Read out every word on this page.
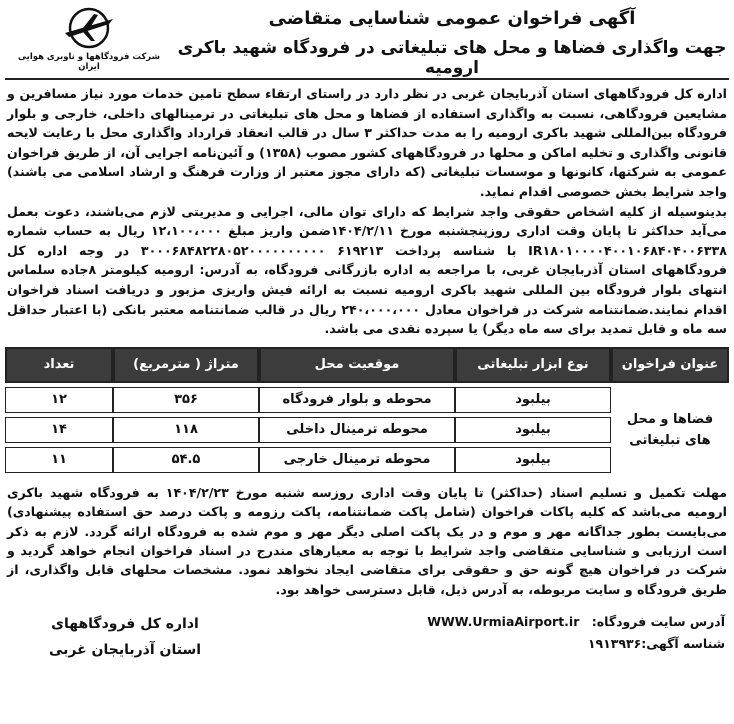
آگهی فراخوان عمومی شناسایی متقاضی
جهت واگذاری فضاها و محل های تبلیغاتی در فرودگاه شهید باکری ارومیه
شرکت فرودگاهها و ناوبری هوایی ایران
اداره کل فرودگاههای استان آذربایجان غربی در نظر دارد در راستای ارتقاء سطح تامین خدمات مورد نیاز مسافرین و مشایعین فرودگاهی، نسبت به واگذاری استفاده از فضاها و محل های تبلیغاتی در ترمینالهای داخلی، خارجی و بلوار فرودگاه بین‌المللی شهید باکری ارومیه را به مدت حداکثر ۳ سال در قالب انعقاد قرارداد واگذاری محل با رعایت لایحه قانونی واگذاری و تخلیه اماکن و محلها در فرودگاههای کشور مصوب (۱۳۵۸) و آئین‌نامه اجرایی آن، از طریق فراخوان عمومی به شرکتها، کانونها و موسسات تبلیغاتی (که دارای مجوز معتبر از وزارت فرهنگ و ارشاد اسلامی می باشند) واجد شرایط بخش خصوصی اقدام نماید.
بدینوسیله از کلیه اشخاص حقوقی واجد شرایط که دارای توان مالی، اجرایی و مدیریتی لازم می‌باشند، دعوت بعمل می‌آید حداکثر تا پایان وقت اداری روزپنجشنبه مورخ ۱۴۰۴/۲/۱۱ضمن واریز مبلغ ۱۲،۱۰۰،۰۰۰ ریال به حساب شماره IR۱۸۰۱۰۰۰۰۴۰۰۱۰۶۸۴۰۴۰۰۶۳۳۸ با شناسه پرداخت ۶۱۹۲۱۳ ۳۰۰۰۶۸۴۸۲۲۸۰۵۲۰۰۰۰۰۰۰۰۰۰ در وجه اداره کل فرودگاههای استان آذربایجان غربی، با مراجعه به اداره بازرگانی فرودگاه، به آدرس: ارومیه کیلومتر ۸جاده سلماس انتهای بلوار فرودگاه بین المللی شهید باکری ارومیه نسبت به ارائه فیش واریزی مزبور و دریافت اسناد فراخوان اقدام نمایند.ضمانتنامه شرکت در فراخوان معادل ۲۴۰،۰۰۰،۰۰۰ ریال در قالب ضمانتنامه معتبر بانکی (با اعتبار حداقل سه ماه و قابل تمدید برای سه ماه دیگر) یا سپرده نقدی می باشد.
عنوان فراخوان	نوع ابزار تبلیغاتی	موقعیت محل	متراژ ( مترمربع)	تعداد
فضاها و محل های تبلیغاتی	بیلبود	محوطه و بلوار فرودگاه	۳۵۶	۱۲
	بیلبود	محوطه ترمینال داخلی	۱۱۸	۱۴
	بیلبود	محوطه ترمینال خارجی	۵۴.۵	۱۱
مهلت تکمیل و تسلیم اسناد (حداکثر) تا پایان وقت اداری روزسه شنبه مورخ ۱۴۰۴/۲/۲۳ به فرودگاه شهید باکری ارومیه می‌باشد که کلیه پاکات فراخوان (شامل پاکت ضمانتنامه، پاکت رزومه و پاکت درصد حق استفاده پیشنهادی) می‌بایست بطور جداگانه مهر و موم و در یک پاکت اصلی دیگر مهر و موم شده به فرودگاه ارائه گردد. لازم به ذکر است ارزیابی و شناسایی متقاضی واجد شرایط با توجه به معیارهای مندرج در اسناد فراخوان انجام خواهد گردید و شرکت در فراخوان هیچ گونه حق و حقوقی برای متقاضی ایجاد نخواهد نمود. مشخصات محلهای قابل واگذاری، از طریق فرودگاه و سایت مربوطه، به آدرس ذیل، قابل دسترسی خواهد بود.
آدرس سایت فرودگاه: WWW.UrmiaAirport.ir
شناسه آگهی:۱۹۱۳۹۳۶
اداره کل فرودگاههای
استان آذربایجان غربی
